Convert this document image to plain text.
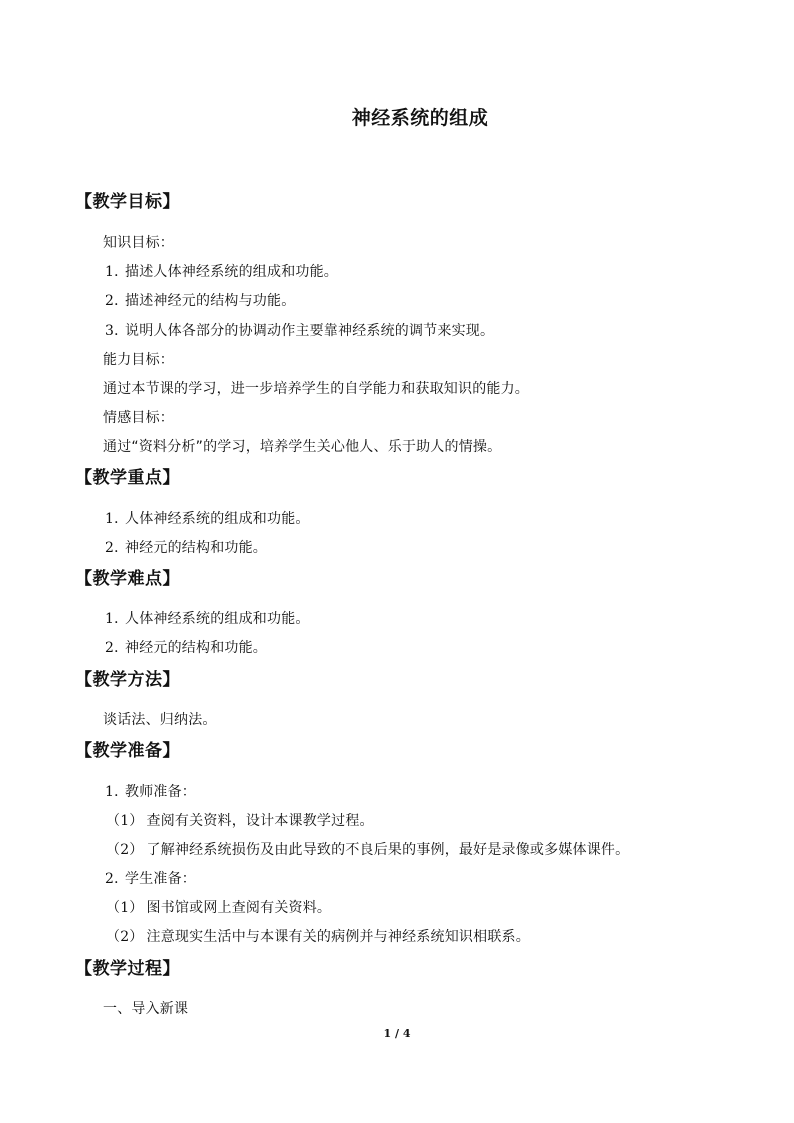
神经系统的组成
【教学目标】
知识目标：
1．描述人体神经系统的组成和功能。
2．描述神经元的结构与功能。
3．说明人体各部分的协调动作主要靠神经系统的调节来实现。
能力目标：
通过本节课的学习，进一步培养学生的自学能力和获取知识的能力。
情感目标：
通过“资料分析”的学习，培养学生关心他人、乐于助人的情操。
【教学重点】
1．人体神经系统的组成和功能。
2．神经元的结构和功能。
【教学难点】
1．人体神经系统的组成和功能。
2．神经元的结构和功能。
【教学方法】
谈话法、归纳法。
【教学准备】
1．教师准备：
（1） 查阅有关资料，设计本课教学过程。
（2） 了解神经系统损伤及由此导致的不良后果的事例，最好是录像或多媒体课件。
2．学生准备：
（1） 图书馆或网上查阅有关资料。
（2） 注意现实生活中与本课有关的病例并与神经系统知识相联系。
【教学过程】
一、导入新课
1 / 4
